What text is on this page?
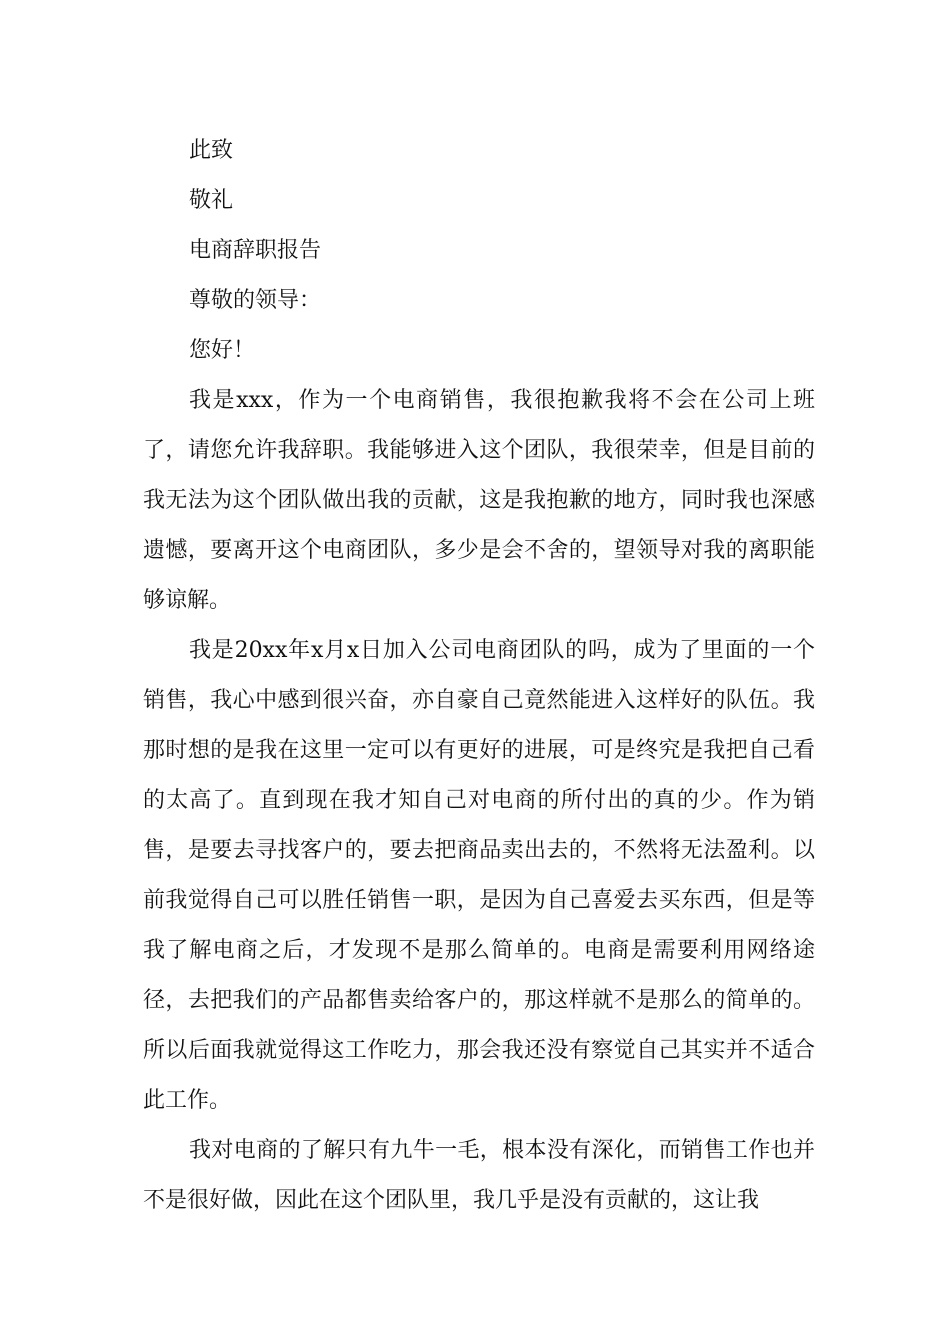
此致
敬礼
电商辞职报告
尊敬的领导：
您好！

我是xxx，作为一个电商销售，我很抱歉我将不会在公司上班了，请您允许我辞职。我能够进入这个团队，我很荣幸，但是目前的我无法为这个团队做出我的贡献，这是我抱歉的地方，同时我也深感遗憾，要离开这个电商团队，多少是会不舍的，望领导对我的离职能够谅解。

我是20xx年x月x日加入公司电商团队的吗，成为了里面的一个销售，我心中感到很兴奋，亦自豪自己竟然能进入这样好的队伍。我那时想的是我在这里一定可以有更好的进展，可是终究是我把自己看的太高了。直到现在我才知自己对电商的所付出的真的少。作为销售，是要去寻找客户的，要去把商品卖出去的，不然将无法盈利。以前我觉得自己可以胜任销售一职，是因为自己喜爱去买东西，但是等我了解电商之后，才发现不是那么简单的。电商是需要利用网络途径，去把我们的产品都售卖给客户的，那这样就不是那么的简单的。所以后面我就觉得这工作吃力，那会我还没有察觉自己其实并不适合此工作。

我对电商的了解只有九牛一毛，根本没有深化，而销售工作也并不是很好做，因此在这个团队里，我几乎是没有贡献的，这让我
